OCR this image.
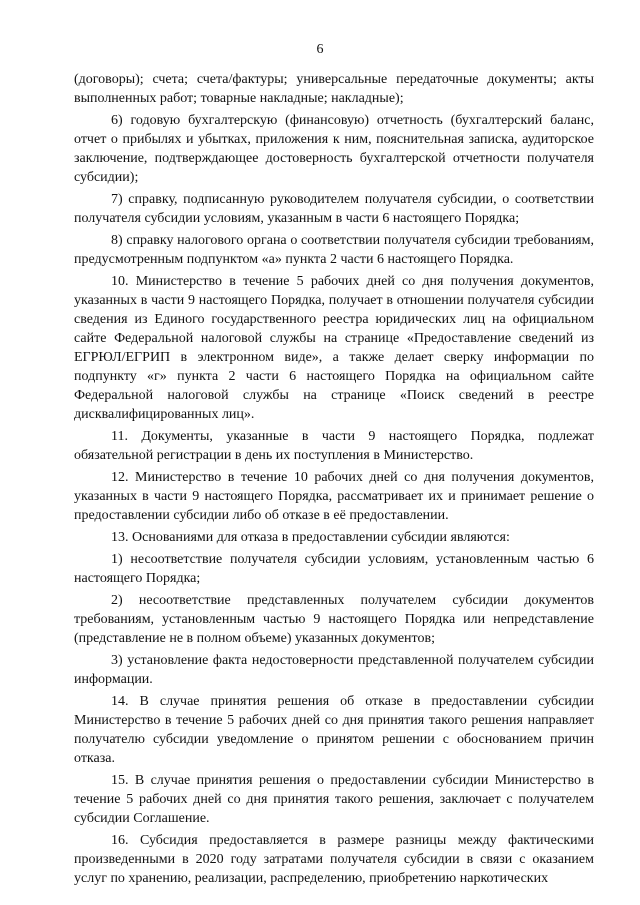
6

(договоры); счета; счета/фактуры; универсальные передаточные документы; акты выполненных работ; товарные накладные; накладные);

6) годовую бухгалтерскую (финансовую) отчетность (бухгалтерский баланс, отчет о прибылях и убытках, приложения к ним, пояснительная записка, аудиторское заключение, подтверждающее достоверность бухгалтерской отчетности получателя субсидии);

7) справку, подписанную руководителем получателя субсидии, о соответствии получателя субсидии условиям, указанным в части 6 настоящего Порядка;

8) справку налогового органа о соответствии получателя субсидии требованиям, предусмотренным подпунктом «а» пункта 2 части 6 настоящего Порядка.

10. Министерство в течение 5 рабочих дней со дня получения документов, указанных в части 9 настоящего Порядка, получает в отношении получателя субсидии сведения из Единого государственного реестра юридических лиц на официальном сайте Федеральной налоговой службы на странице «Предоставление сведений из ЕГРЮЛ/ЕГРИП в электронном виде», а также делает сверку информации по подпункту «г» пункта 2 части 6 настоящего Порядка на официальном сайте Федеральной налоговой службы на странице «Поиск сведений в реестре дисквалифицированных лиц».

11. Документы, указанные в части 9 настоящего Порядка, подлежат обязательной регистрации в день их поступления в Министерство.

12. Министерство в течение 10 рабочих дней со дня получения документов, указанных в части 9 настоящего Порядка, рассматривает их и принимает решение о предоставлении субсидии либо об отказе в её предоставлении.

13. Основаниями для отказа в предоставлении субсидии являются:

1) несоответствие получателя субсидии условиям, установленным частью 6 настоящего Порядка;

2) несоответствие представленных получателем субсидии документов требованиям, установленным частью 9 настоящего Порядка или непредставление (представление не в полном объеме) указанных документов;

3) установление факта недостоверности представленной получателем субсидии информации.

14. В случае принятия решения об отказе в предоставлении субсидии Министерство в течение 5 рабочих дней со дня принятия такого решения направляет получателю субсидии уведомление о принятом решении с обоснованием причин отказа.

15. В случае принятия решения о предоставлении субсидии Министерство в течение 5 рабочих дней со дня принятия такого решения, заключает с получателем субсидии Соглашение.

16. Субсидия предоставляется в размере разницы между фактическими произведенными в 2020 году затратами получателя субсидии в связи с оказанием услуг по хранению, реализации, распределению, приобретению наркотических
